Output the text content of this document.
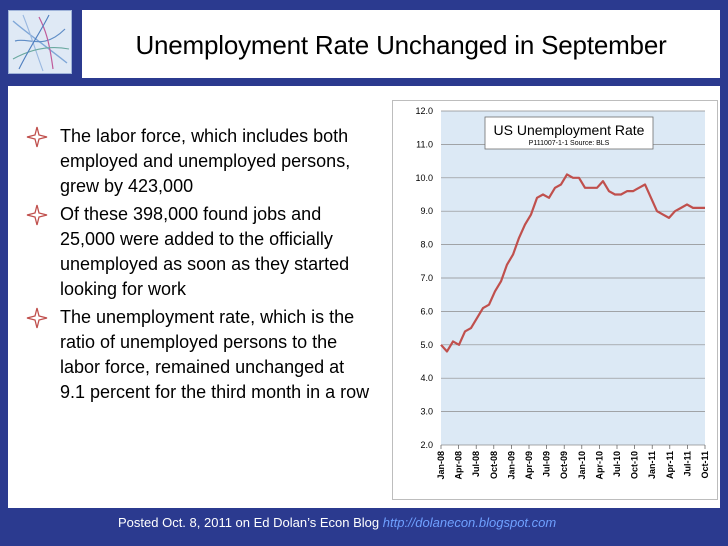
Unemployment Rate Unchanged in September
The labor force, which includes both employed and unemployed persons, grew by 423,000
Of these 398,000 found jobs and 25,000 were added to the officially unemployed as soon as they started looking for work
The unemployment rate, which is the ratio of unemployed persons to the labor force, remained unchanged at 9.1 percent for the third month in a row
2.0
3.0
4.0
5.0
6.0
7.0
8.0
9.0
10.0
11.0
12.0
Jan-08 Apr-08 Jul-08 Oct-08 Jan-09 Apr-09 Jul-09 Oct-09 Jan-10 Apr-10 Jul-10 Oct-10 Jan-11 Apr-11 Jul-11 Oct-11
US Unemployment Rate
P111007-1-1 Source: BLS
Posted Oct. 8, 2011 on Ed Dolan’s Econ Blog http://dolanecon.blogspot.com
